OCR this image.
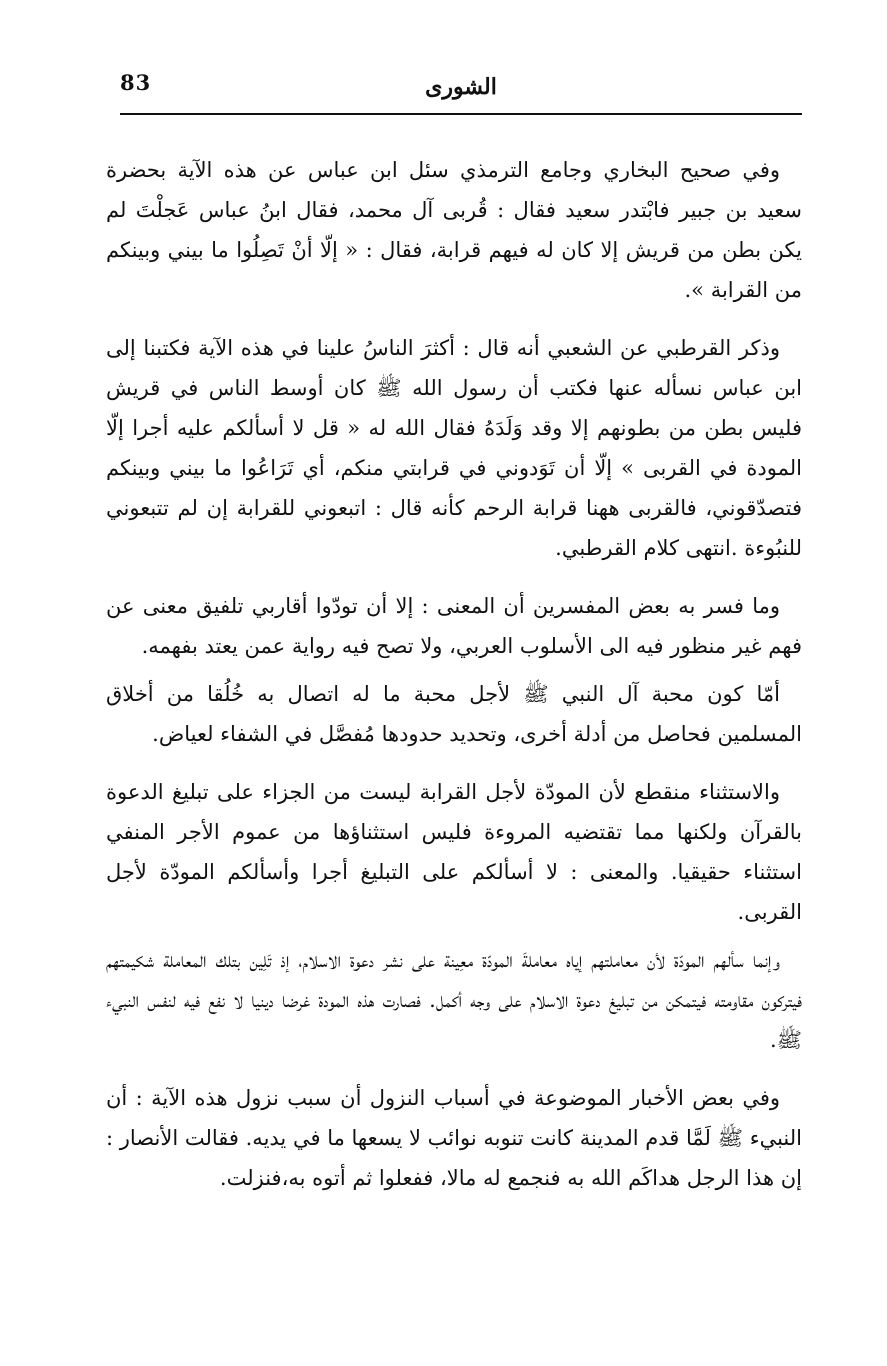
83	الشورى

وفي صحيح البخاري وجامع الترمذي سئل ابن عباس عن هذه الآية بحضرة سعيد بن جبير فابْتدر سعيد فقال : قُربى آل محمد، فقال ابنُ عباس عَجلْتَ لم يكن بطن من قريش إلا كان له فيهم قرابة، فقال : « إلّا أنْ تَصِلُوا ما بيني وبينكم من القرابة ».

وذكر القرطبي عن الشعبي أنه قال : أكثرَ الناسُ علينا في هذه الآية فكتبنا إلى ابن عباس نسأله عنها فكتب أن رسول الله ﷺ كان أوسط الناس في قريش فليس بطن من بطونهم إلا وقد وَلَدَهُ فقال الله له « قل لا أسألكم عليه أجرا إلّا المودة في القربى » إلّا أن تَوَدوني في قرابتي منكم، أي تَرَاعُوا ما بيني وبينكم فتصدّقوني، فالقربى ههنا قرابة الرحم كأنه قال : اتبعوني للقرابة إن لم تتبعوني للنبُوءة .انتهى كلام القرطبي.

وما فسر به بعض المفسرين أن المعنى : إلا أن تودّوا أقاربي تلفيق معنى عن فهم غير منظور فيه الى الأسلوب العربي، ولا تصح فيه رواية عمن يعتد بفهمه.

أمّا كون محبة آل النبي ﷺ لأجل محبة ما له اتصال به خُلُقا من أخلاق المسلمين فحاصل من أدلة أخرى، وتحديد حدودها مُفصَّل في الشفاء لعياض.

والاستثناء منقطع لأن المودّة لأجل القرابة ليست من الجزاء على تبليغ الدعوة بالقرآن ولكنها مما تقتضيه المروءة فليس استثناؤها من عموم الأجر المنفي استثناء حقيقيا. والمعنى : لا أسألكم على التبليغ أجرا وأسألكم المودّة لأجل القربى.

وإنما سألهم المودّة لأن معاملتهم إياه معاملةَ المودّة معِينة على نشر دعوة الاسلام، إذ تَلِين بتلك المعاملة شكيمتهم فيتركون مقاومته فيتمكن من تبليغ دعوة الاسلام على وجه أكمل. فصارت هذه المودة غرضا دينيا لا نفع فيه لنفس النبيء ﷺ.

وفي بعض الأخبار الموضوعة في أسباب النزول أن سبب نزول هذه الآية : أن النبيء ﷺ لَمَّا قدم المدينة كانت تنوبه نوائب لا يسعها ما في يديه. فقالت الأنصار : إن هذا الرجل هداكَم الله به فنجمع له مالا، ففعلوا ثم أتوه به،فنزلت.
